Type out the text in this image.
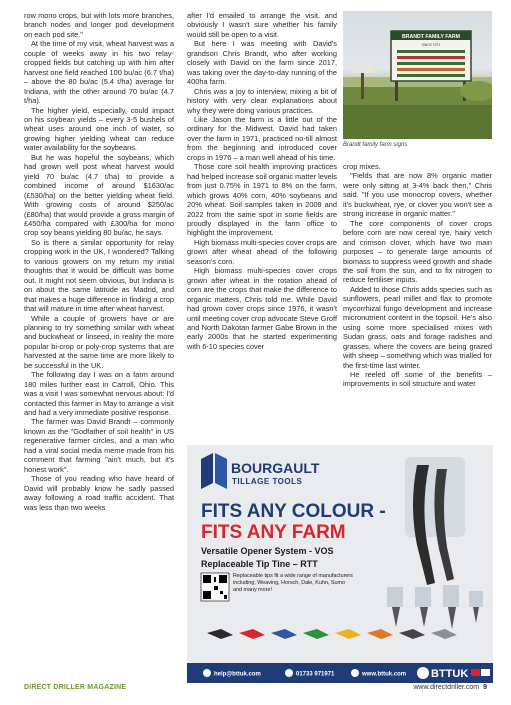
row mono crops, but with lots more branches, branch nodes and longer pod development on each pod site."

At the time of my visit, wheat harvest was a couple of weeks away in his two relay-cropped fields but catching up with him after harvest one field reached 100 bu/ac (6.7 t/ha) – above the 80 bu/ac (5.4 t/ha) average for Indiana, with the other around 70 bu/ac (4.7 t/ha).

The higher yield, especially, could impact on his soybean yields – every 3-5 bushels of wheat uses around one inch of water, so growing higher yielding wheat can reduce water availability for the soybeans.

But he was hopeful the soybeans, which had grown well post wheat harvest would yield 70 bu/ac (4.7 t/ha) to provide a combined income of around $1630/ac (£530/ha) on the better yielding wheat field. With growing costs of around $250/ac (£80/ha) that would provide a gross margin of £450/ha compared with £300/ha for mono crop soy beans yielding 80 bu/ac, he says.

So is there a similar opportunity for relay cropping work in the UK, I wondered? Talking to various growers on my return my initial thoughts that it would be difficult was borne out. It might not seem obvious, but Indiana is on about the same latitude as Madrid, and that makes a huge difference in finding a crop that will mature in time after wheat harvest.

While a couple of growers have or are planning to try something similar with wheat and buckwheat or linseed, in reality the more popular bi-crop or poly-crop systems that are harvested at the same time are more likely to be successful in the UK.

The following day I was on a farm around 180 miles further east in Carroll, Ohio. This was a visit I was somewhat nervous about: I'd contacted this farmer in May to arrange a visit and had a very immediate positive response.

The farmer was David Brandt – commonly known as the "Godfather of soil health" in US regenerative farmer circles, and a man who had a viral social media meme made from his comment that farming "ain't much, but it's honest work".

Those of you reading who have heard of David will probably know he sadly passed away following a road traffic accident. That was less than two weeks

after I'd emailed to arrange the visit, and obviously I wasn't sure whether his family would still be open to a visit.

But here I was meeting with David's grandson Chris Brandt, who after working closely with David on the farm since 2017, was taking over the day-to-day running of the 400ha farm.

Chris was a joy to interview, mixing a bit of history with very clear explanations about why they were doing various practices.

Like Jason the farm is a little out of the ordinary for the Midwest. David had taken over the farm in 1971, practiced no-till almost from the beginning and introduced cover crops in 1976 – a man well ahead of his time.

Those core soil health improving practices had helped increase soil organic matter levels from just 0.75% in 1971 to 8% on the farm, which grows 40% corn, 40% soybeans and 20% wheat. Soil samples taken in 2009 and 2022 from the same spot in some fields are proudly displayed in the farm office to highlight the improvement.

High biomass multi-species cover crops are grown after wheat ahead of the following season's corn.

High biomass multi-species cover crops grown after wheat in the rotation ahead of corn are the crops that make the difference to organic matters, Chris told me. While David had grown cover crops since 1976, it wasn't until meeting cover crop advocate Steve Groff and North Dakotan farmer Gabe Brown in the early 2000s that he started experimenting with 6-10 species cover

BRANDT FAMILY FARM
SINCE 1971
Brandt family farm signs

crop mixes.

"Fields that are now 8% organic matter were only sitting at 3-4% back then," Chris said. "If you use monocrop covers, whether it's buckwheat, rye, or clover you won't see a strong increase in organic matter."

The core components of cover crops before corn are now cereal rye, hairy vetch and crimson clover, which have two main purposes – to generate large amounts of biomass to suppress weed growth and shade the soil from the sun, and to fix nitrogen to reduce fertiliser inputs.

Added to those Chris adds species such as sunflowers, pearl millet and flax to promote mycorrhizal fungo development and increase micronutrient content in the topsoil. He's also using some more specialised mixes with Sudan grass, oats and forage radishes and grasses, where the covers are being grazed with sheep – something which was trialled for the first-time last winter.

He reeled off some of the benefits – improvements in soil structure and water

BOURGAULT
TILLAGE TOOLS
FITS ANY COLOUR -
FITS ANY FARM
Versatile Opener System - VOS
Replaceable Tip Tine – RTT
Replaceable tips fit a wide range of manufacturers including; Weaving, Horsch, Dale, Kuhn, Sumo and many more!
help@bttuk.com	01733 971971	www.bttuk.com BTTUK
DIRECT DRILLER MAGAZINE	www.directdriller.com 9
